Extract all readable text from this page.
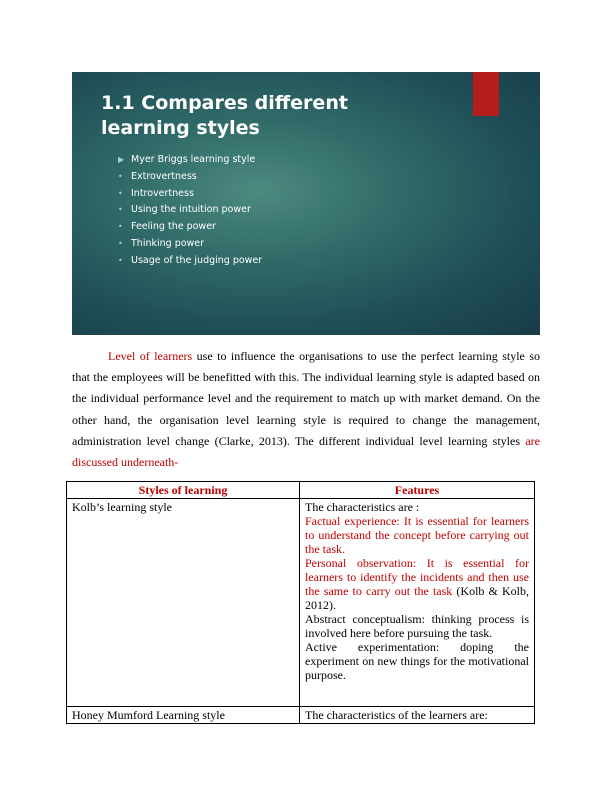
1.1 Compares different learning styles
▶ Myer Briggs learning style
• Extrovertness
• Introvertness
• Using the intuition power
• Feeling the power
• Thinking power
• Usage of the judging power

Level of learners use to influence the organisations to use the perfect learning style so that the employees will be benefitted with this. The individual learning style is adapted based on the individual performance level and the requirement to match up with market demand. On the other hand, the organisation level learning style is required to change the management, administration level change (Clarke, 2013). The different individual level learning styles are discussed underneath-

Styles of learning	Features
Kolb’s learning style	The characteristics are :

Factual experience: It is essential for learners to understand the concept before carrying out the task.

Personal observation: It is essential for learners to identify the incidents and then use the same to carry out the task (Kolb & Kolb, 2012).

Abstract conceptualism: thinking process is involved here before pursuing the task.

Active experimentation: doping the experiment on new things for the motivational purpose.

Honey Mumford Learning style	The characteristics of the learners are:
